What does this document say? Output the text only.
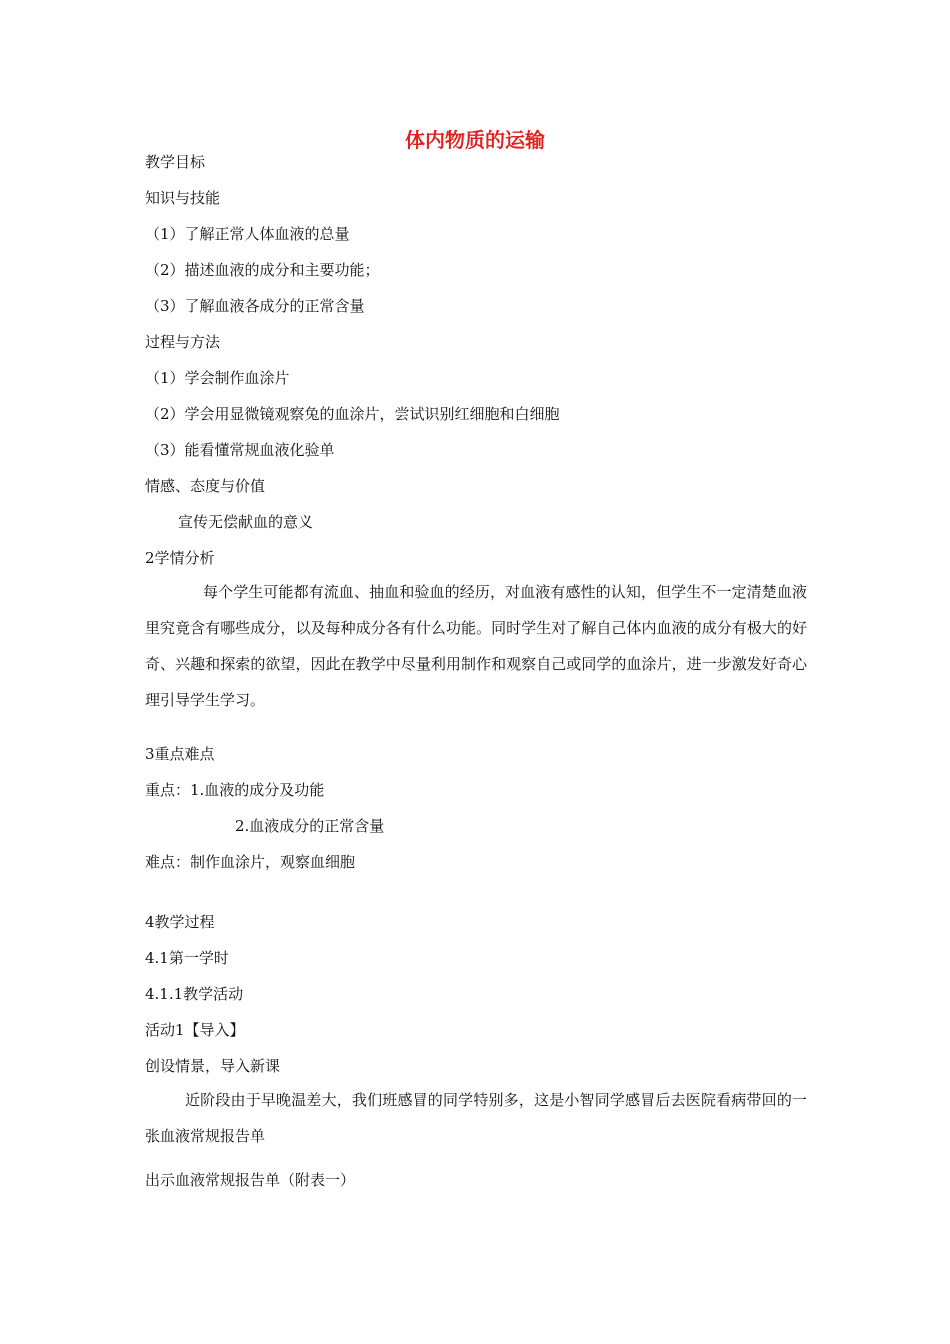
体内物质的运输

教学目标

知识与技能

（1）了解正常人体血液的总量

（2）描述血液的成分和主要功能；

（3）了解血液各成分的正常含量

过程与方法

（1）学会制作血涂片

（2）学会用显微镜观察兔的血涂片，尝试识别红细胞和白细胞

（3）能看懂常规血液化验单

情感、态度与价值

宣传无偿献血的意义

2学情分析

每个学生可能都有流血、抽血和验血的经历，对血液有感性的认知，但学生不一定清楚血液里究竟含有哪些成分，以及每种成分各有什么功能。同时学生对了解自己体内血液的成分有极大的好奇、兴趣和探索的欲望，因此在教学中尽量利用制作和观察自己或同学的血涂片，进一步激发好奇心理引导学生学习。

3重点难点

重点：1.血液的成分及功能

2.血液成分的正常含量

难点：制作血涂片，观察血细胞

4教学过程

4.1第一学时

4.1.1教学活动

活动1【导入】

创设情景，导入新课

近阶段由于早晚温差大，我们班感冒的同学特别多，这是小智同学感冒后去医院看病带回的一张血液常规报告单

出示血液常规报告单（附表一）
